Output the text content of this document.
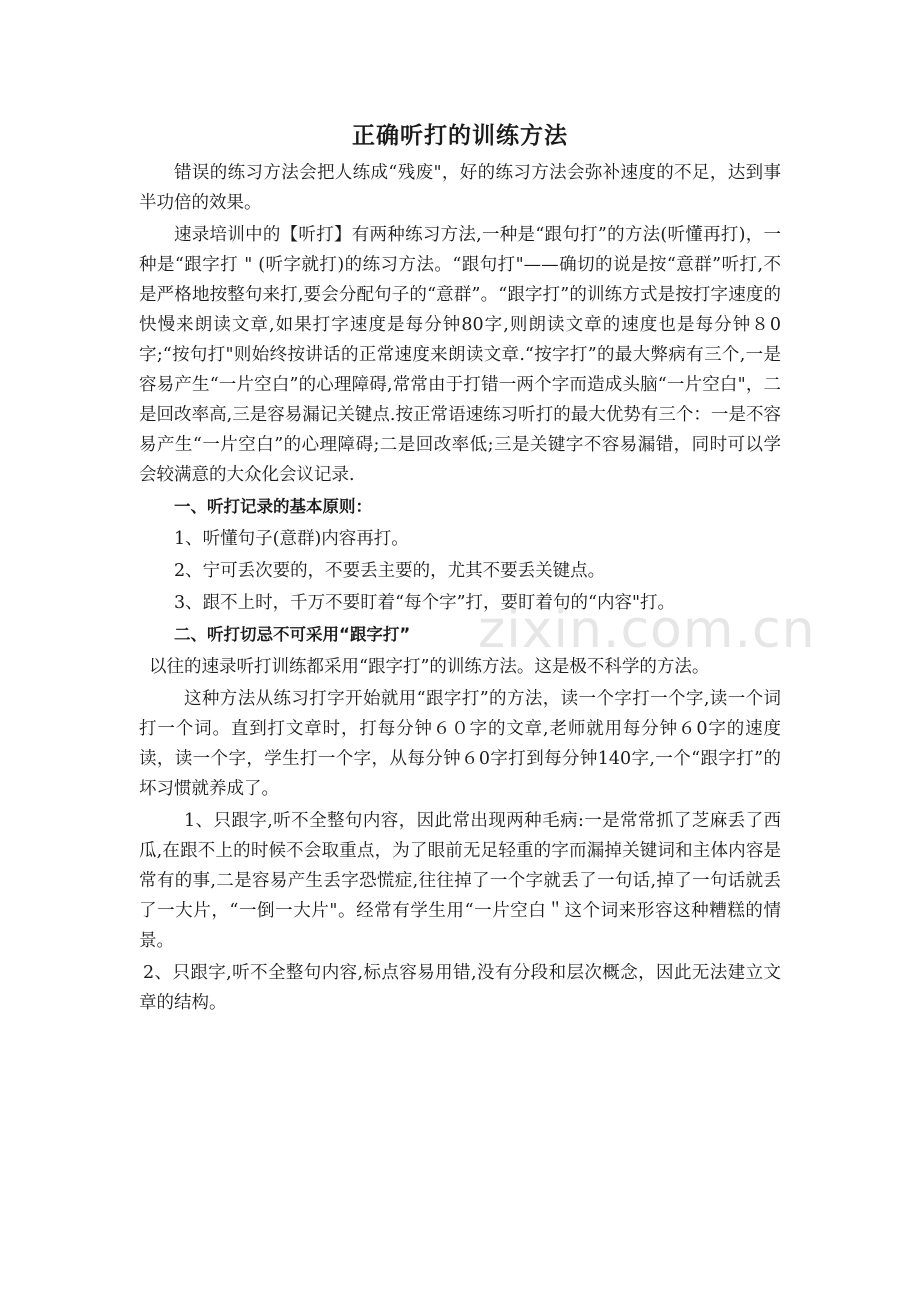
正确听打的训练方法

错误的练习方法会把人练成“残废"，好的练习方法会弥补速度的不足，达到事半功倍的效果。

速录培训中的【听打】有两种练习方法,一种是“跟句打”的方法(听懂再打)，一种是“跟字打 " (听字就打)的练习方法。“跟句打"——确切的说是按“意群”听打,不是严格地按整句来打,要会分配句子的“意群”。“跟字打”的训练方式是按打字速度的快慢来朗读文章,如果打字速度是每分钟80字,则朗读文章的速度也是每分钟８0字;“按句打"则始终按讲话的正常速度来朗读文章.“按字打”的最大弊病有三个,一是容易产生“一片空白”的心理障碍,常常由于打错一两个字而造成头脑“一片空白"，二是回改率高,三是容易漏记关键点.按正常语速练习听打的最大优势有三个：一是不容易产生“一片空白”的心理障碍;二是回改率低;三是关键字不容易漏错，同时可以学会较满意的大众化会议记录.

一、听打记录的基本原则：

1、听懂句子(意群)内容再打。

2、宁可丢次要的，不要丢主要的，尤其不要丢关键点。

3、跟不上时，千万不要盯着“每个字”打，要盯着句的“内容"打。

二、听打切忌不可采用“跟字打”

以往的速录听打训练都采用“跟字打”的训练方法。这是极不科学的方法。

这种方法从练习打字开始就用“跟字打”的方法，读一个字打一个字,读一个词打一个词。直到打文章时，打每分钟６０字的文章,老师就用每分钟６0字的速度读，读一个字，学生打一个字，从每分钟６0字打到每分钟140字,一个“跟字打”的坏习惯就养成了。

1、只跟字,听不全整句内容，因此常出现两种毛病:一是常常抓了芝麻丢了西瓜,在跟不上的时候不会取重点，为了眼前无足轻重的字而漏掉关键词和主体内容是常有的事,二是容易产生丢字恐慌症,往往掉了一个字就丢了一句话,掉了一句话就丢了一大片，“一倒一大片"。经常有学生用“一片空白＂这个词来形容这种糟糕的情景。

2、只跟字,听不全整句内容,标点容易用错,没有分段和层次概念，因此无法建立文章的结构。

zixin.com.cn
